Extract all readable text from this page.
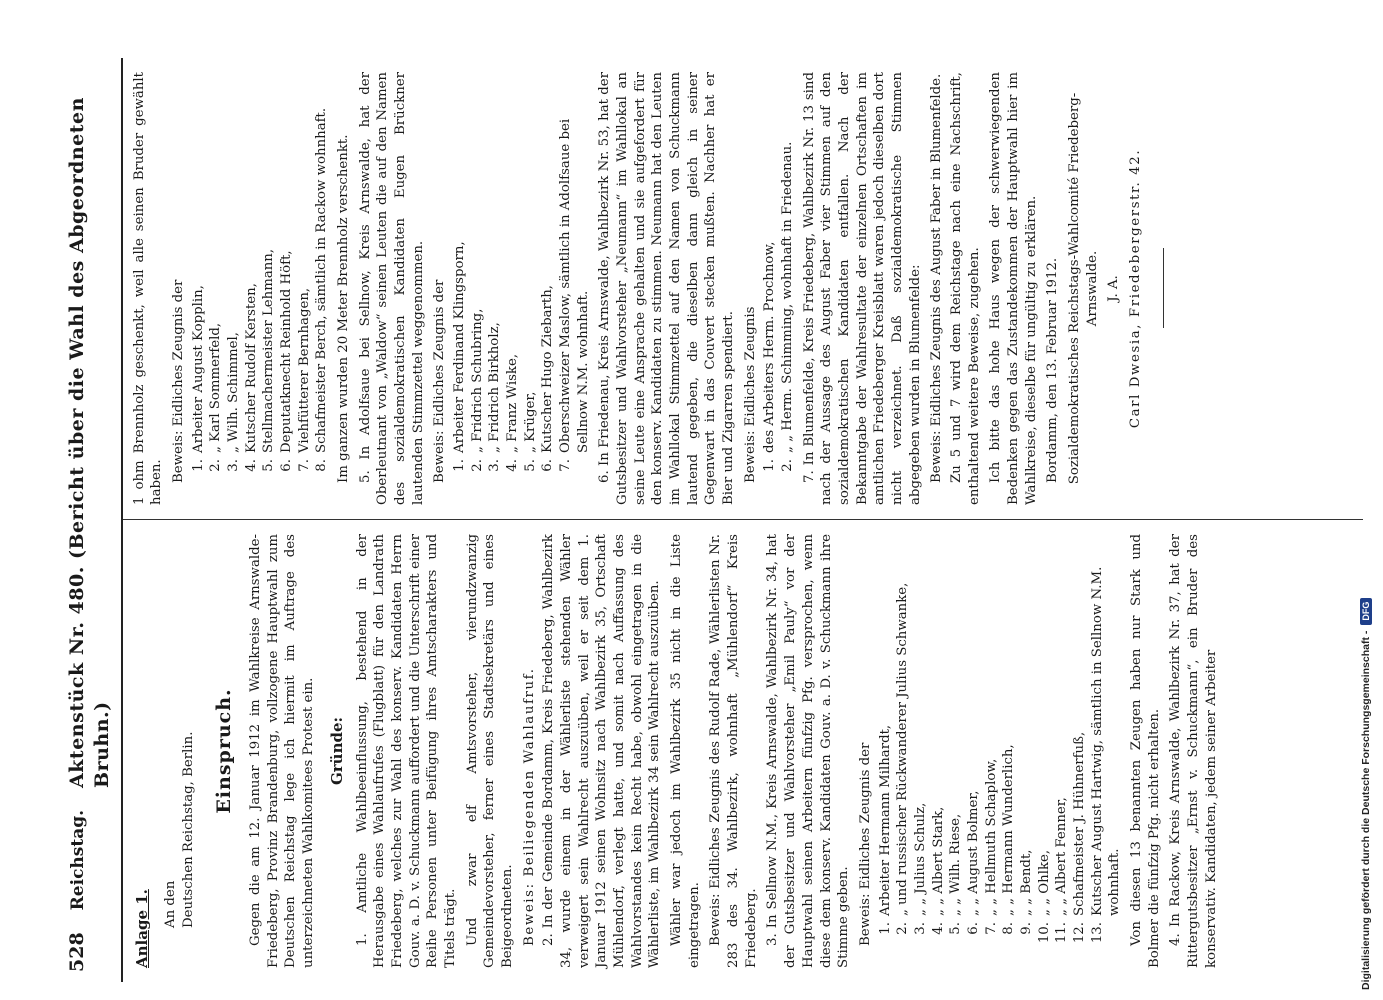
528
Reichstag.
Aktenstück Nr. 480. (Bericht über die Wahl des Abgeordneten Bruhn.)
Anlage 1. An den Deutschen Reichstag, Berlin. Einspruch. Gegen die am 12. Januar 1912 im Wahlkreise Arnswalde-Friedeberg, Provinz Brandenburg, vollzogene Hauptwahl zum Deutschen Reichstag lege ich hiermit im Auftrage des unterzeichneten Wahlkomitees Protest ein. Gründe: 1. Amtliche Wahlbeeinflussung, bestehend in der Herausgabe eines Wahlaufrufes (Flugblatt) für den Landrath Friedeberg, welches zur Wahl des konserv. Kandidaten Herrn Gouv. a. D. v. Schuckmann auffordert und die Unterschrift einer Reihe Personen unter Beifügung ihres Amtscharakters und Titels trägt. Und zwar elf Amtsvorsteher, vierundzwanzig Gemeindevorsteher, ferner eines Stadtsekretärs und eines Beigeordneten. Beweis: Beiliegenden Wahlaufruf. 2. In der Gemeinde Bordamm, Kreis Friedeberg, Wahlbezirk 34, wurde einem in der Wählerliste stehenden Wähler verweigert sein Wahlrecht auszuüben, weil er seit dem 1. Januar 1912 seinen Wohnsitz nach Wahlbezirk 35, Ortschaft Mühlendorf, verlegt hatte, und somit nach Auffassung des Wahlvorstandes kein Recht habe, obwohl eingetragen in die Wählerliste, im Wahlbezirk 34 sein Wahlrecht auszuüben. Wähler war jedoch im Wahlbezirk 35 nicht in die Liste eingetragen. Beweis: Eidliches Zeugnis des Rudolf Rade, Wählerlisten Nr. 283 des 34. Wahlbezirk, wohnhaft „Mühlendorf“ Kreis Friedeberg. 3. In Sellnow N.M., Kreis Arnswalde, Wahlbezirk Nr. 34, hat der Gutsbesitzer und Wahlvorsteher „Emil Pauly“ vor der Hauptwahl seinen Arbeitern fünfzig Pfg. versprochen, wenn diese dem konserv. Kandidaten Gouv. a. D. v. Schuckmann ihre Stimme geben. Beweis: Eidliches Zeugnis der 1.
Arbeiter Hermann Milhardt,
2.
„ und russischer Rückwanderer Julius Schwanke,
3.
„ „ Julius Schulz,
4.
„ „ Albert Stark,
5.
„ „ Wilh. Riese,
6.
„ „ August Bolmer,
7.
„ „ Hellmuth Schaplow,
8.
„ „ Hermann Wunderlich,
9.
„ „ Bendt,
10.
„ „ Ohlke,
11.
„ „ Albert Fenner,
12.
Schafmeister J. Hühnerfuß,
13.
Kutscher August Hartwig, sämtlich in Sellnow N.M. wohnhaft. Von diesen 13 benannten Zeugen haben nur Stark und Bolmer die fünfzig Pfg. nicht erhalten. 4. In Rackow, Kreis Arnswalde, Wahlbezirk Nr. 37, hat der Rittergutsbesitzer „Ernst v. Schuckmann“, ein Bruder des konservativ. Kandidaten, jedem seiner Arbeiter

1 ohm Brennholz geschenkt, weil alle seinen Bruder gewählt haben. Beweis: Eidliches Zeugnis der 1.
Arbeiter August Kopplin,
2.
„ Karl Sommerfeld,
3.
„ Wilh. Schimmel,
4.
Kutscher Rudolf Kersten,
5.
Stellmachermeister Lehmann,
6.
Deputatknecht Reinhold Höft,
7.
Viehfütterer Bernhagen,
8.
Schafmeister Berch, sämtlich in Rackow wohnhaft. Im ganzen wurden 20 Meter Brennholz verschenkt. 5. In Adolfsaue bei Sellnow, Kreis Arnswalde, hat der Oberleutnant von „Waldow“ seinen Leuten die auf den Namen des sozialdemokratischen Kandidaten Eugen Brückner lautenden Stimmzettel weggenommen. Beweis: Eidliches Zeugnis der 1.
Arbeiter Ferdinand Klingsporn,
2.
„ Fridrich Schubring,
3.
„ Fridrich Birkholz,
4.
„ Franz Wiske,
5.
„ Krüger,
6.
Kutscher Hugo Ziebarth,
7.
Oberschweizer Maslow, sämtlich in Adolfsaue bei Sellnow N.M. wohnhaft. 6. In Friedenau, Kreis Arnswalde, Wahlbezirk Nr. 53, hat der Gutsbesitzer und Wahlvorsteher „Neumann“ im Wahllokal an seine Leute eine Ansprache gehalten und sie aufgefordert für den konserv. Kandidaten zu stimmen. Neumann hat den Leuten im Wahllokal Stimmzettel auf den Namen von Schuckmann lautend gegeben, die dieselben dann gleich in seiner Gegenwart in das Couvert stecken mußten. Nachher hat er Bier und Zigarren spendiert. Beweis: Eidliches Zeugnis 1.
des Arbeiters Herm. Prochnow,
2.
„ „ Herm. Schimming, wohnhaft in Friedenau. 7. In Blumenfelde, Kreis Friedeberg, Wahlbezirk Nr. 13 sind nach der Aussage des August Faber vier Stimmen auf den sozialdemokratischen Kandidaten entfallen. Nach der Bekanntgabe der Wahlresultate der einzelnen Ortschaften im amtlichen Friedeberger Kreisblatt waren jedoch dieselben dort nicht verzeichnet. Daß sozialdemokratische Stimmen abgegeben wurden in Blumenfelde: Beweis: Eidliches Zeugnis des August Faber in Blumenfelde. Zu 5 und 7 wird dem Reichstage nach eine Nachschrift, enthaltend weitere Beweise, zugehen. Ich bitte das hohe Haus wegen der schwerwiegenden Bedenken gegen das Zustandekommen der Hauptwahl hier im Wahlkreise, dieselbe für ungültig zu erklären. Bordamm, den 13. Februar 1912. Sozialdemokratisches Reichstags-Wahlcomité Friedeberg-Arnswalde. J. A. Carl Dwesia, Friedebergerstr. 42.
Digitalisierung gefördert durch die Deutsche Forschungsgemeinschaft -
DFG
